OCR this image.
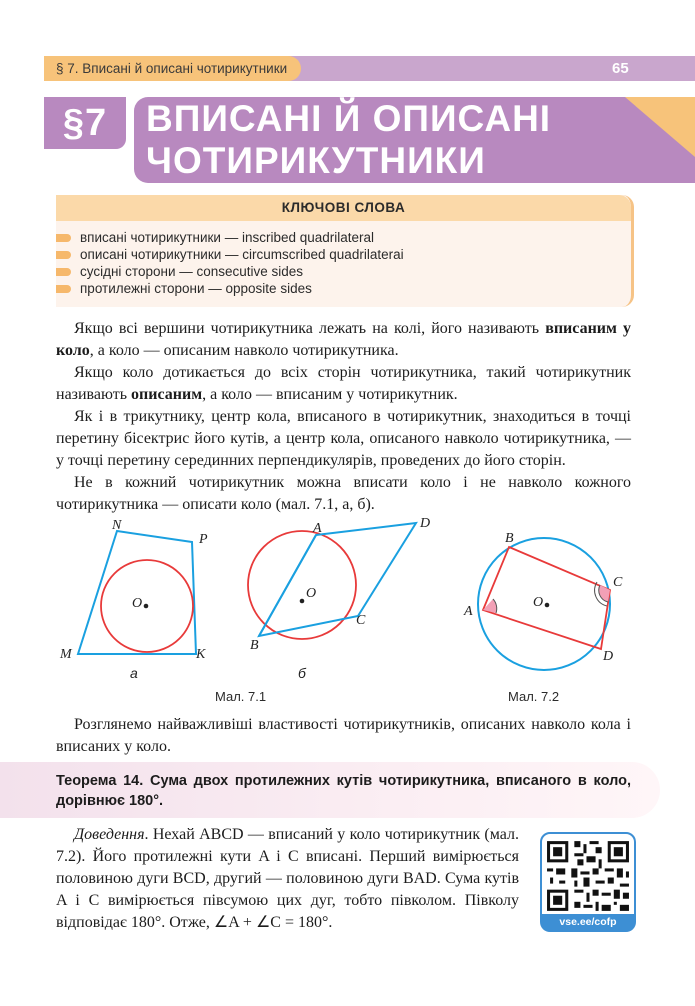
§ 7. Вписані й описані чотирикутники	65
§7	ВПИСАНІ Й ОПИСАНІ ЧОТИРИКУТНИКИ
КЛЮЧОВІ СЛОВА
вписані чотирикутники — inscribed quadrilateral
описані чотирикутники — circumscribed quadrilaterai
сусідні сторони — consecutive sides
протилежні сторони — opposite sides
Якщо всі вершини чотирикутника лежать на колі, його називають вписаним у коло, а коло — описаним навколо чотирикутника.
Якщо коло дотикається до всіх сторін чотирикутника, такий чотирикутник називають описаним, а коло — вписаним у чотирикутник.
Як і в трикутнику, центр кола, вписаного в чотирикутник, знаходиться в точці перетину бісектрис його кутів, а центр кола, описаного навколо чотирикутника, — у точці перетину серединних перпендикулярів, проведених до його сторін.
Не в кожний чотирикутник можна вписати коло і не навколо кожного чотирикутника — описати коло (мал. 7.1, а, б).
O
N
P
M	K
а
O
A	D
B
C
б
Мал. 7.1
O
B
C
D
A
Мал. 7.2
Розглянемо найважливіші властивості чотирикутників, описаних навколо кола і вписаних у коло.
Теорема 14. Сума двох протилежних кутів чотирикутника, вписаного в коло, дорівнює 180°.
Доведення. Нехай ABCD — вписаний у коло чотирикутник (мал. 7.2). Його протилежні кути A і C вписані. Перший вимірюється половиною дуги BCD, другий — половиною дуги BAD. Сума кутів A і C вимірюється півсумою цих дуг, тобто півколом. Півколу відповідає 180°. Отже, ∠A + ∠C = 180°.	vse.ee/cofp
